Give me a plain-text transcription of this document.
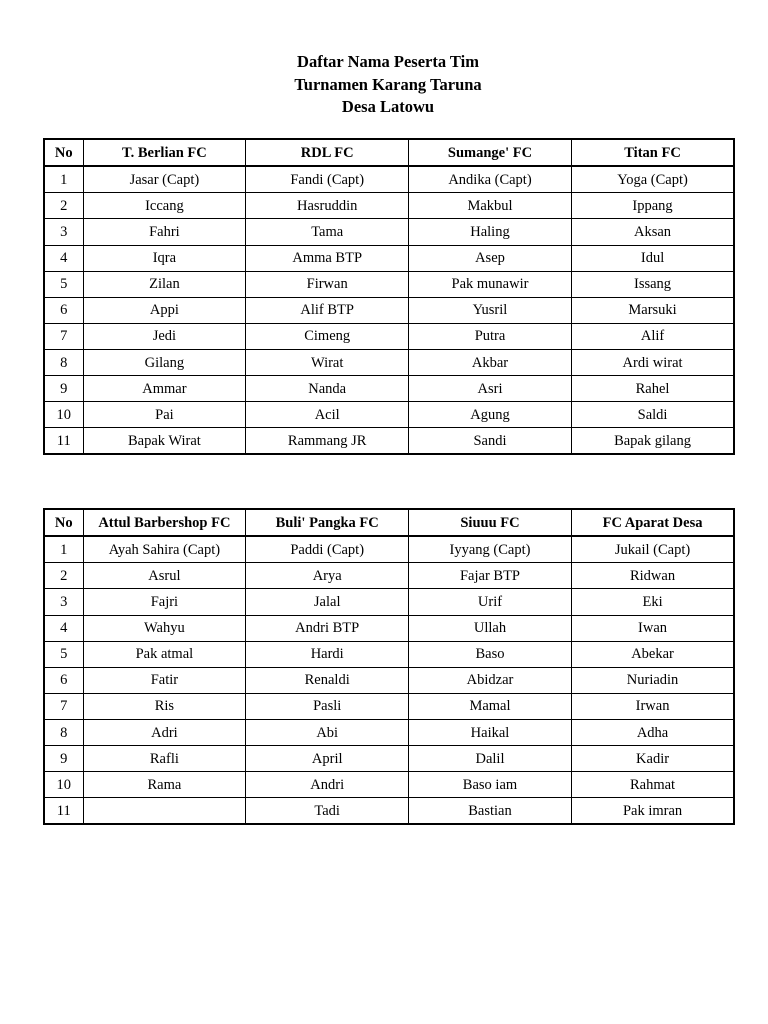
Daftar Nama Peserta Tim
Turnamen Karang Taruna
Desa Latowu
No	T. Berlian FC	RDL FC	Sumange' FC	Titan FC
1	Jasar (Capt)	Fandi (Capt)	Andika (Capt)	Yoga (Capt)
2	Iccang	Hasruddin	Makbul	Ippang
3	Fahri	Tama	Haling	Aksan
4	Iqra	Amma BTP	Asep	Idul
5	Zilan	Firwan	Pak munawir	Issang
6	Appi	Alif BTP	Yusril	Marsuki
7	Jedi	Cimeng	Putra	Alif
8	Gilang	Wirat	Akbar	Ardi wirat
9	Ammar	Nanda	Asri	Rahel
10	Pai	Acil	Agung	Saldi
11	Bapak Wirat	Rammang JR	Sandi	Bapak gilang
No	Attul Barbershop FC	Buli' Pangka FC	Siuuu FC	FC Aparat Desa
1	Ayah Sahira (Capt)	Paddi (Capt)	Iyyang (Capt)	Jukail (Capt)
2	Asrul	Arya	Fajar BTP	Ridwan
3	Fajri	Jalal	Urif	Eki
4	Wahyu	Andri BTP	Ullah	Iwan
5	Pak atmal	Hardi	Baso	Abekar
6	Fatir	Renaldi	Abidzar	Nuriadin
7	Ris	Pasli	Mamal	Irwan
8	Adri	Abi	Haikal	Adha
9	Rafli	April	Dalil	Kadir
10	Rama	Andri	Baso iam	Rahmat
11		Tadi	Bastian	Pak imran
